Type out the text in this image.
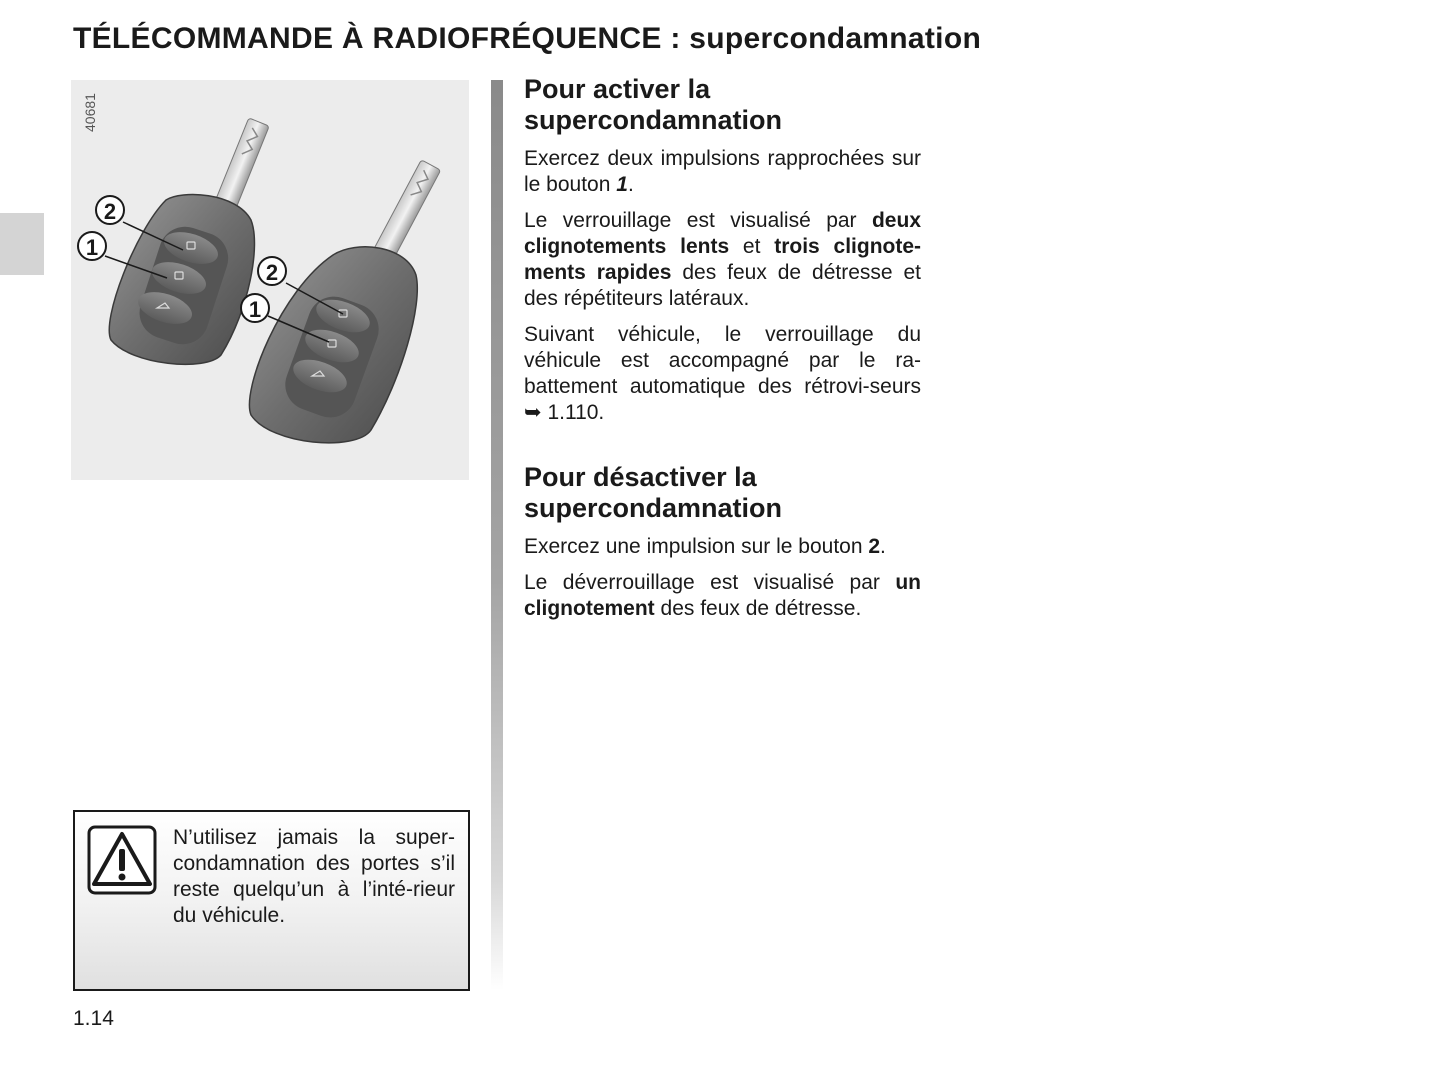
TÉLÉCOMMANDE À RADIOFRÉQUENCE : supercondamnation
40681
2
1
2
1
Pour activer la
supercondamnation

Exercez deux impulsions rapprochées sur le bouton 1.

Le verrouillage est visualisé par deux clignotements lents et trois clignote-ments rapides des feux de détresse et des répétiteurs latéraux.

Suivant véhicule, le verrouillage du véhicule est accompagné par le ra-battement automatique des rétrovi-seurs ➥ 1.110.

Pour désactiver la
supercondamnation

Exercez une impulsion sur le bouton 2.

Le déverrouillage est visualisé par un clignotement des feux de détresse.

N’utilisez jamais la super-condamnation des portes s’il reste quelqu’un à l’inté-rieur du véhicule.
1.14
